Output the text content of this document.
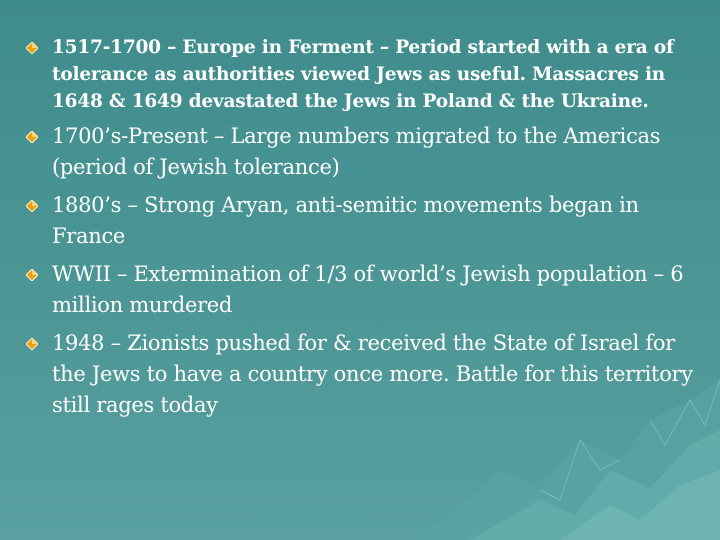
1517-1700 – Europe in Ferment – Period started with a era of tolerance as authorities viewed Jews as useful. Massacres in 1648 & 1649 devastated the Jews in Poland & the Ukraine.
1700’s-Present – Large numbers migrated to the Americas (period of Jewish tolerance)
1880’s – Strong Aryan, anti-semitic movements began in France
WWII – Extermination of 1/3 of world’s Jewish population – 6 million murdered
1948 – Zionists pushed for & received the State of Israel for the Jews to have a country once more. Battle for this territory still rages today
